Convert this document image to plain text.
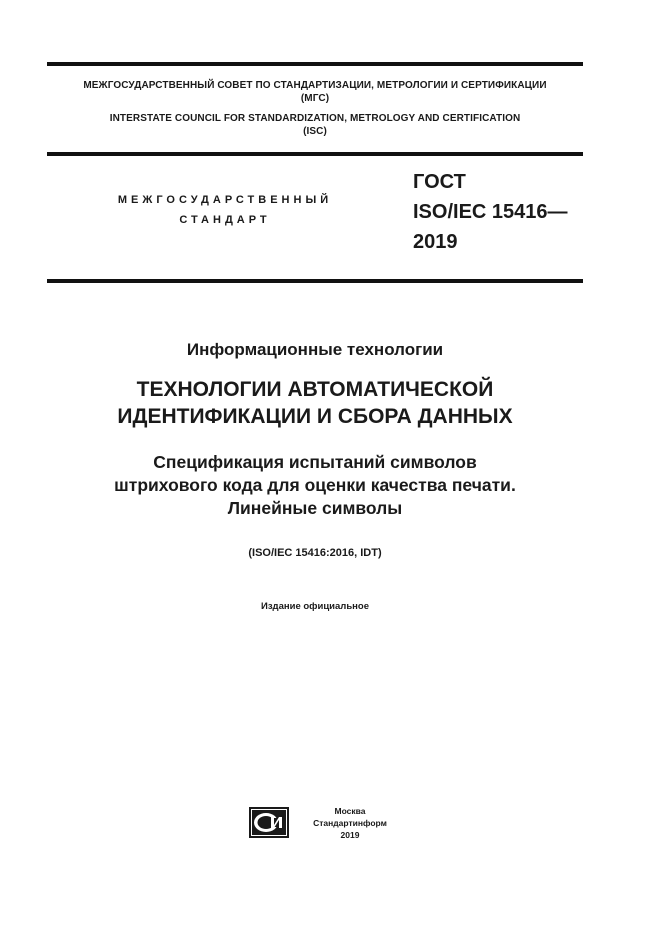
МЕЖГОСУДАРСТВЕННЫЙ СОВЕТ ПО СТАНДАРТИЗАЦИИ, МЕТРОЛОГИИ И СЕРТИФИКАЦИИ
(МГС)
INTERSTATE COUNCIL FOR STANDARDIZATION, METROLOGY AND CERTIFICATION
(ISC)
МЕЖГОСУДАРСТВЕННЫЙ
СТАНДАРТ
ГОСТ
ISO/IEC 15416—
2019
Информационные технологии
ТЕХНОЛОГИИ АВТОМАТИЧЕСКОЙ
ИДЕНТИФИКАЦИИ И СБОРА ДАННЫХ
Спецификация испытаний символов
штрихового кода для оценки качества печати.
Линейные символы
(ISO/IEC 15416:2016, IDT)
Издание официальное
Москва
Стандартинформ
2019
